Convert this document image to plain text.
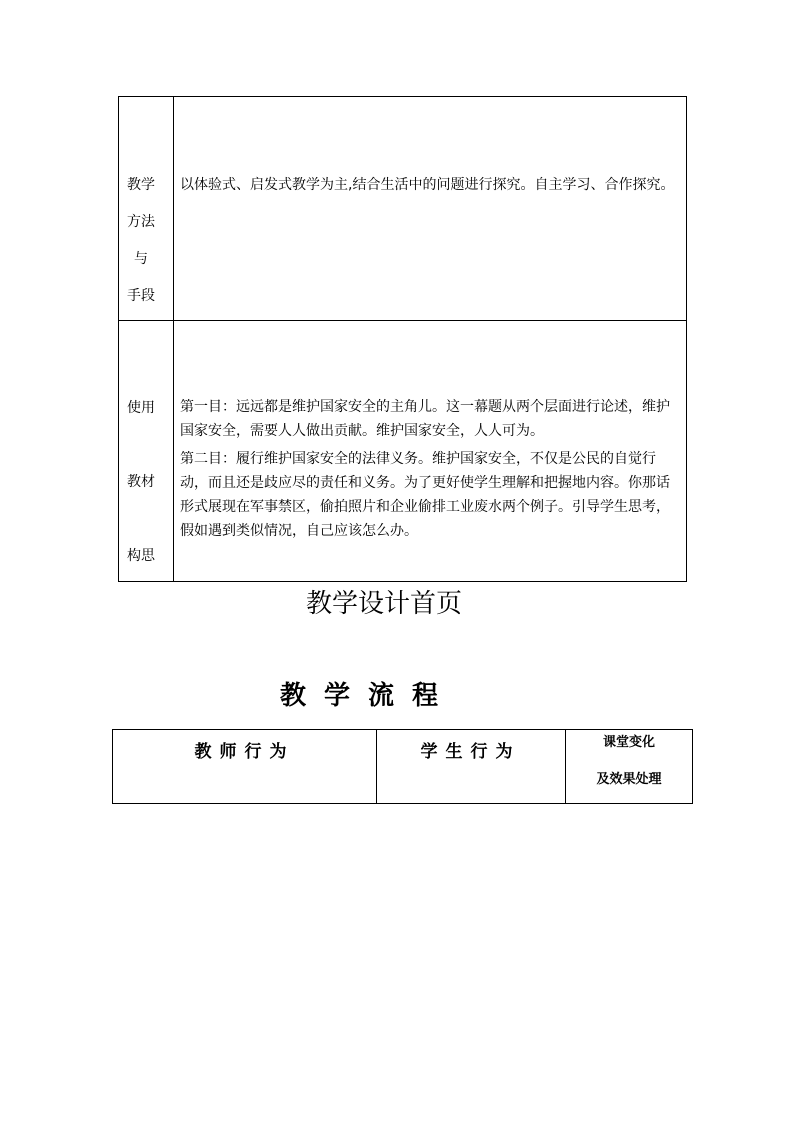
教学
方法
与
手段
以体验式、启发式教学为主,结合生活中的问题进行探究。自主学习、合作探究。
使用
教材
构思
第一目：远远都是维护国家安全的主角儿。这一幕题从两个层面进行论述，维护国家安全，需要人人做出贡献。维护国家安全，人人可为。
第二目：履行维护国家安全的法律义务。维护国家安全，不仅是公民的自觉行动，而且还是歧应尽的责任和义务。为了更好使学生理解和把握地内容。你那话形式展现在军事禁区，偷拍照片和企业偷排工业废水两个例子。引导学生思考，假如遇到类似情况，自己应该怎么办。
教学设计首页
教学流程
教师行为	学生行为	课堂变化
及效果处理
